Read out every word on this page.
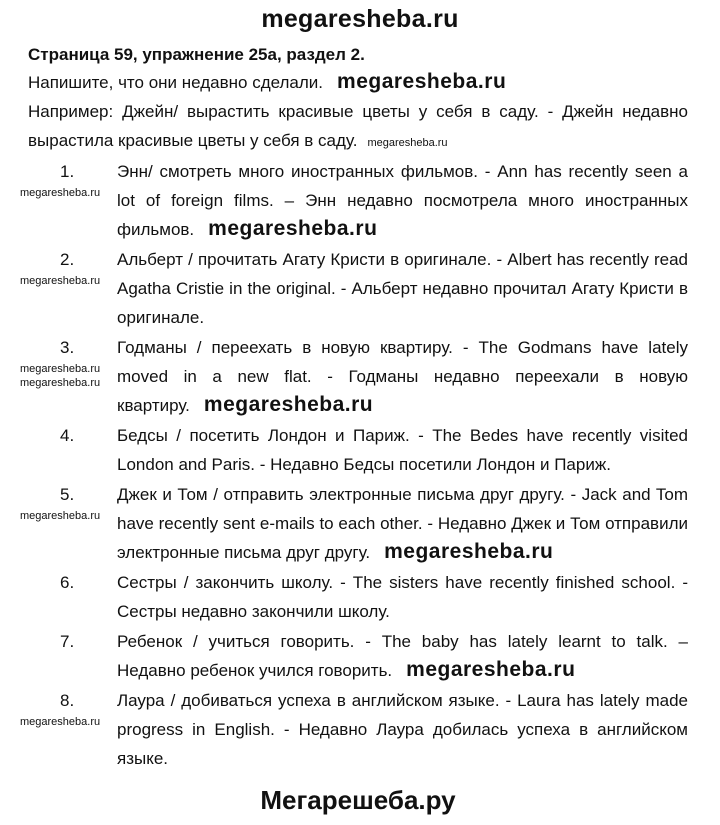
megaresheba.ru
Страница 59, упражнение 25а, раздел 2.
Напишите, что они недавно сделали. megaresheba.ru
Например: Джейн/ вырастить красивые цветы у себя в саду. - Джейн недавно вырастила красивые цветы у себя в саду. megaresheba.ru
1.
megaresheba.ru
Энн/ смотреть много иностранных фильмов. - Ann has recently seen a lot of foreign films. – Энн недавно посмотрела много иностранных фильмов. megaresheba.ru
2.
megaresheba.ru
Альберт / прочитать Агату Кристи в оригинале. - Albert has recently read Agatha Cristie in the original. - Альберт недавно прочитал Агату Кристи в оригинале.
3.
megaresheba.ru
megaresheba.ru
Годманы / переехать в новую квартиру. - The Godmans have lately moved in a new flat. - Годманы недавно переехали в новую квартиру. megaresheba.ru
4.	Бедсы / посетить Лондон и Париж. - The Bedes have recently visited London and Paris. - Недавно Бедсы посетили Лондон и Париж.
5.
megaresheba.ru
Джек и Том / отправить электронные письма друг другу. - Jack and Tom have recently sent e-mails to each other. - Недавно Джек и Том отправили электронные письма друг другу. megaresheba.ru
6.	Сестры / закончить школу. - The sisters have recently finished school. - Сестры недавно закончили школу.
7.	Ребенок / учиться говорить. - The baby has lately learnt to talk. – Недавно ребенок учился говорить. megaresheba.ru
8.
megaresheba.ru
Лаура / добиваться успеха в английском языке. - Laura has lately made progress in English. - Недавно Лаура добилась успеха в английском языке.
Мегарешеба.ру
